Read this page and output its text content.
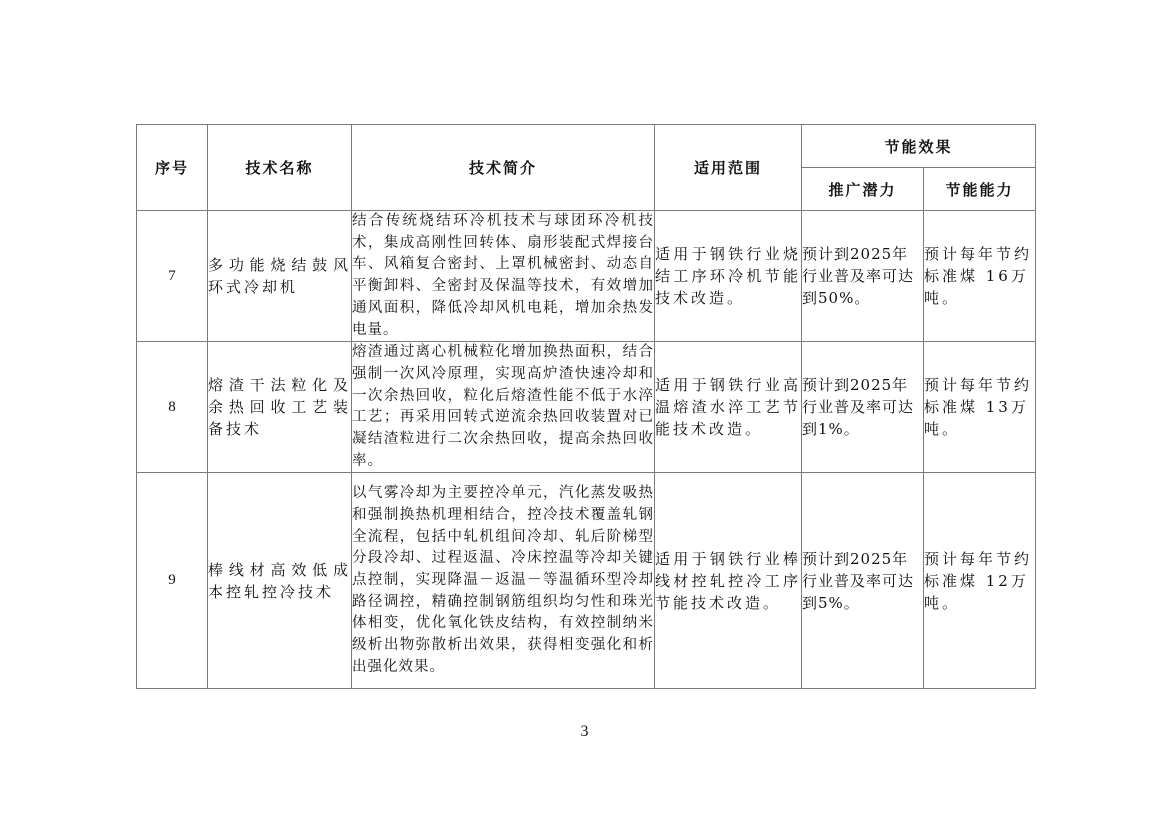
序号	技术名称	技术简介	适用范围	节能效果	
				推广潜力	节能能力
7	多功能烧结鼓风环式冷却机	结合传统烧结环冷机技术与球团环冷机技术，集成高刚性回转体、扇形装配式焊接台车、风箱复合密封、上罩机械密封、动态自平衡卸料、全密封及保温等技术，有效增加通风面积，降低冷却风机电耗，增加余热发电量。	适用于钢铁行业烧结工序环冷机节能技术改造。	预计到2025年行业普及率可达到50%。	预计每年节约标准煤 16万吨。
8	熔渣干法粒化及余热回收工艺装备技术	熔渣通过离心机械粒化增加换热面积，结合强制一次风冷原理，实现高炉渣快速冷却和一次余热回收，粒化后熔渣性能不低于水淬工艺；再采用回转式逆流余热回收装置对已凝结渣粒进行二次余热回收，提高余热回收率。	适用于钢铁行业高温熔渣水淬工艺节能技术改造。	预计到2025年行业普及率可达到1%。	预计每年节约标准煤 13万吨。
9	棒线材高效低成本控轧控冷技术	以气雾冷却为主要控冷单元，汽化蒸发吸热和强制换热机理相结合，控冷技术覆盖轧钢全流程，包括中轧机组间冷却、轧后阶梯型分段冷却、过程返温、冷床控温等冷却关键点控制，实现降温－返温－等温循环型冷却路径调控，精确控制钢筋组织均匀性和珠光体相变，优化氧化铁皮结构，有效控制纳米级析出物弥散析出效果，获得相变强化和析出强化效果。	适用于钢铁行业棒线材控轧控冷工序节能技术改造。	预计到2025年行业普及率可达到5%。	预计每年节约标准煤 12万吨。
3
